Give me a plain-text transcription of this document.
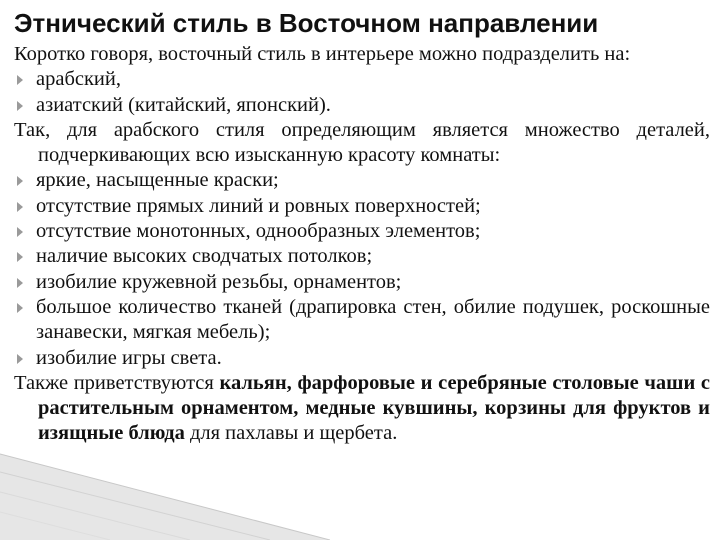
Этнический стиль в Восточном направлении

Коротко говоря, восточный стиль в интерьере можно подразделить на:

арабский,
азиатский (китайский, японский).

Так, для арабского стиля определяющим является множество деталей, подчеркивающих всю изысканную красоту комнаты:

яркие, насыщенные краски;
отсутствие прямых линий и ровных поверхностей;
отсутствие монотонных, однообразных элементов;
наличие высоких сводчатых потолков;
изобилие кружевной резьбы, орнаментов;
большое количество тканей (драпировка стен, обилие подушек, роскошные занавески, мягкая мебель);
изобилие игры света.

Также приветствуются кальян, фарфоровые и серебряные столовые чаши с растительным орнаментом, медные кувшины, корзины для фруктов и изящные блюда для пахлавы и щербета.
